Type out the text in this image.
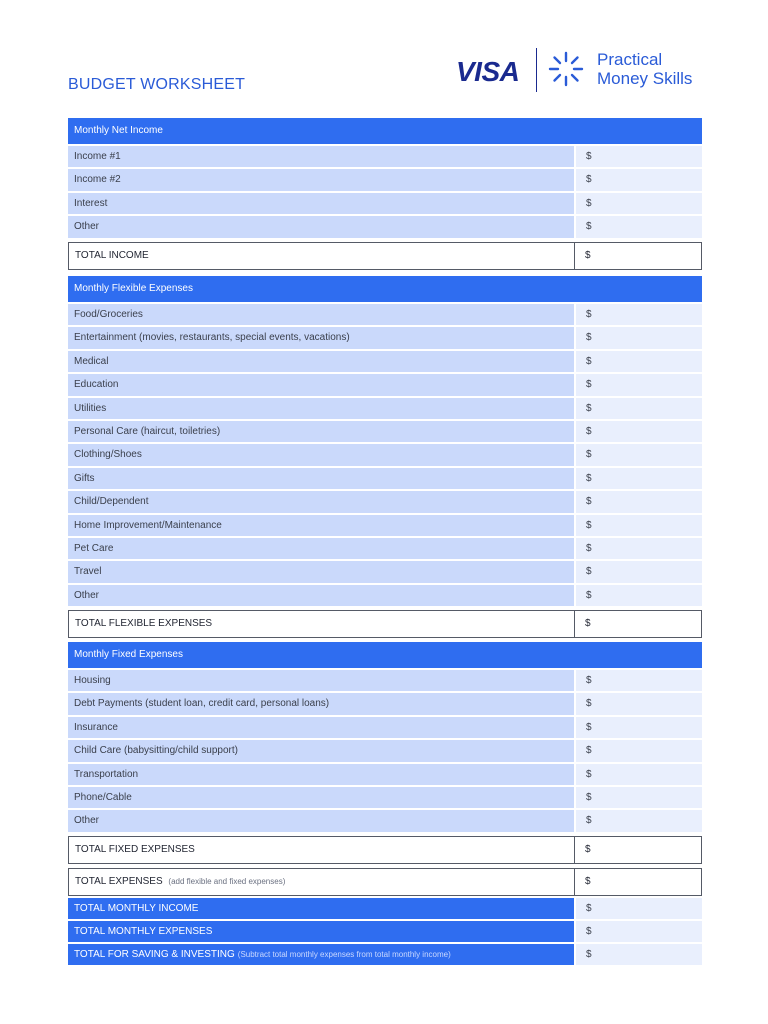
BUDGET WORKSHEET	VISA	Practical
Money Skills
Monthly Net Income
Income #1	$
Income #2	$
Interest	$
Other	$
TOTAL INCOME	$
Monthly Flexible Expenses
Food/Groceries	$
Entertainment (movies, restaurants, special events, vacations)	$
Medical	$
Education	$
Utilities	$
Personal Care (haircut, toiletries)	$
Clothing/Shoes	$
Gifts	$
Child/Dependent	$
Home Improvement/Maintenance	$
Pet Care	$
Travel	$
Other	$
TOTAL FLEXIBLE EXPENSES	$
Monthly Fixed Expenses
Housing	$
Debt Payments (student loan, credit card, personal loans)	$
Insurance	$
Child Care (babysitting/child support)	$
Transportation	$
Phone/Cable	$
Other	$
TOTAL FIXED EXPENSES	$
TOTAL EXPENSES (add flexible and fixed expenses)	$
TOTAL MONTHLY INCOME	$
TOTAL MONTHLY EXPENSES	$
TOTAL FOR SAVING & INVESTING (Subtract total monthly expenses from total monthly income)	$
